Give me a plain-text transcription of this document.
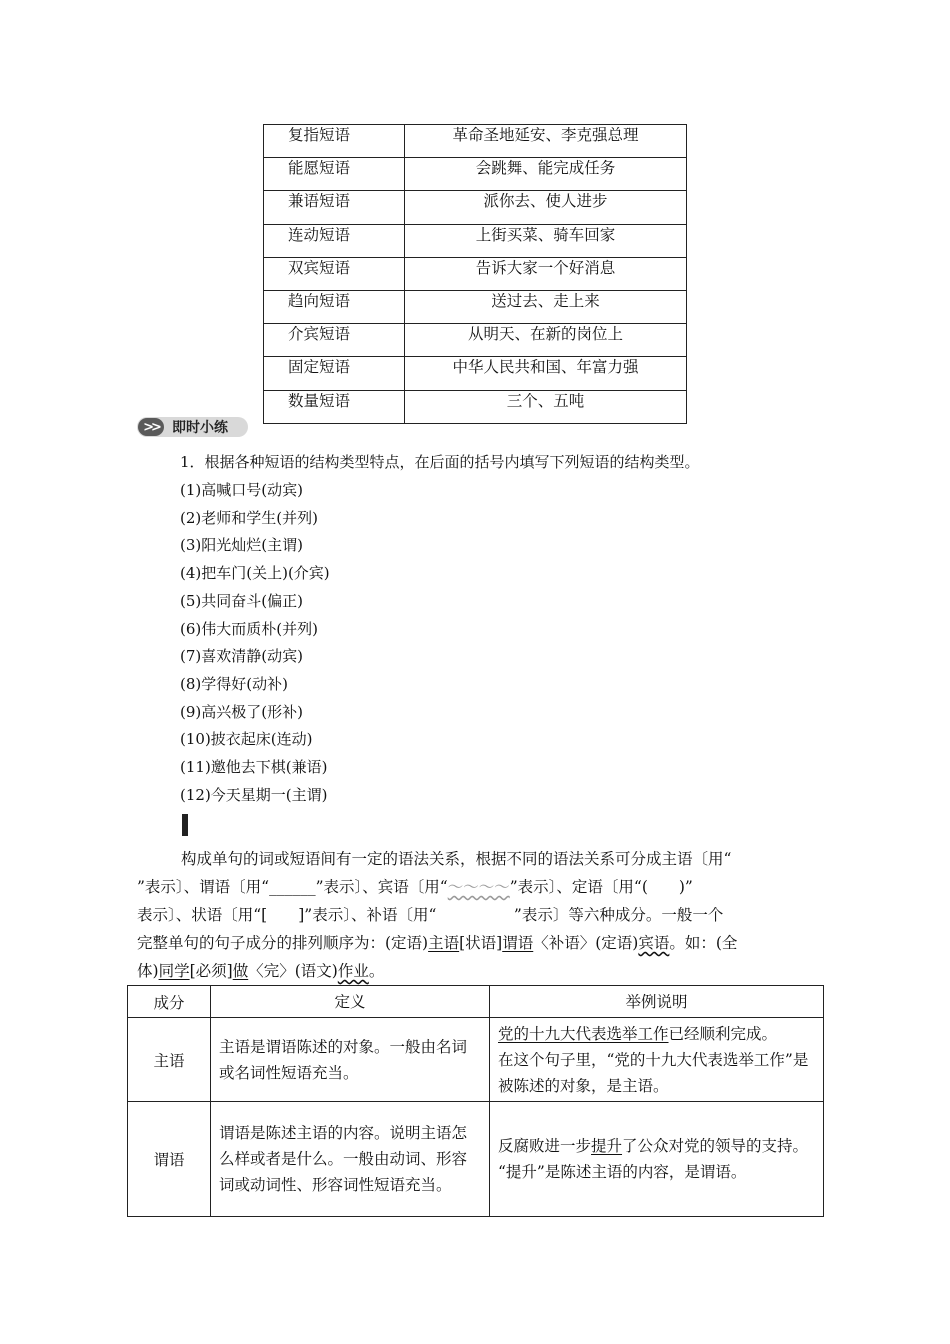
复指短语	革命圣地延安、李克强总理
能愿短语	会跳舞、能完成任务
兼语短语	派你去、使人进步
连动短语	上街买菜、骑车回家
双宾短语	告诉大家一个好消息
趋向短语	送过去、走上来
介宾短语	从明天、在新的岗位上
固定短语	中华人民共和国、年富力强
数量短语	三个、五吨
>> 即时小练
1．根据各种短语的结构类型特点，在后面的括号内填写下列短语的结构类型。
(1)高喊口号(动宾)
(2)老师和学生(并列)
(3)阳光灿烂(主谓)
(4)把车门(关上)(介宾)
(5)共同奋斗(偏正)
(6)伟大而质朴(并列)
(7)喜欢清静(动宾)
(8)学得好(动补)
(9)高兴极了(形补)
(10)披衣起床(连动)
(11)邀他去下棋(兼语)
(12)今天星期一(主谓)
构成单句的词或短语间有一定的语法关系，根据不同的语法关系可分成主语〔用“
”表示〕、谓语〔用“______”表示〕、宾语〔用“～～～～”表示〕、定语〔用“(　　)”
表示〕、状语〔用“[　　]”表示〕、补语〔用“　　　　　	”表示〕等六种成分。一般一个
完整单句的句子成分的排列顺序为：(定语)主语[状语]谓语〈补语〉(定语)宾语。如：(全
体)同学[必须]做〈完〉(语文)作业。
成分	定义	举例说明
主语	主语是谓语陈述的对象。一般由名词或名词性短语充当。	党的十九大代表选举工作已经顺利完成。
在这个句子里，“党的十九大代表选举工作”是被陈述的对象，是主语。

谓语	谓语是陈述主语的内容。说明主语怎么样或者是什么。一般由动词、形容词或动词性、形容词性短语充当。	反腐败进一步提升了公众对党的领导的支持。
“提升”是陈述主语的内容，是谓语。
